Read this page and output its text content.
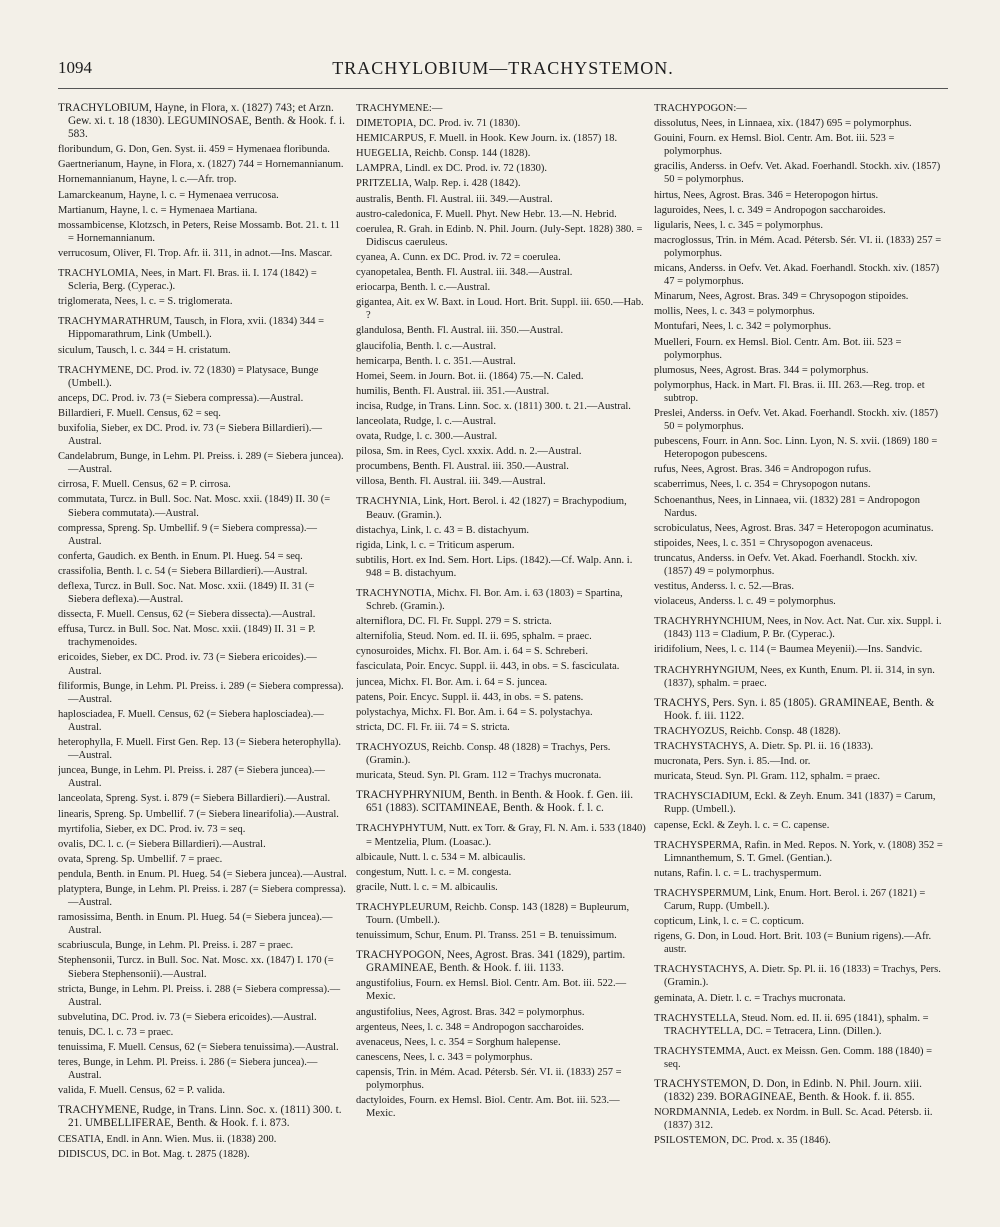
1094	TRACHYLOBIUM—TRACHYSTEMON.

TRACHYLOBIUM, Hayne, in Flora, x. (1827) 743; et Arzn. Gew. xi. t. 18 (1830). LEGUMINOSAE, Benth. & Hook. f. i. 583.

floribundum, G. Don, Gen. Syst. ii. 459 = Hymenaea floribunda.

Gaertnerianum, Hayne, in Flora, x. (1827) 744 = Hornemannianum.

Hornemannianum, Hayne, l. c.—Afr. trop.

Lamarckeanum, Hayne, l. c. = Hymenaea verrucosa.

Martianum, Hayne, l. c. = Hymenaea Martiana.

mossambicense, Klotzsch, in Peters, Reise Mossamb. Bot. 21. t. 11 = Hornemannianum.

verrucosum, Oliver, Fl. Trop. Afr. ii. 311, in adnot.—Ins. Mascar.

TRACHYLOMIA, Nees, in Mart. Fl. Bras. ii. I. 174 (1842) = Scleria, Berg. (Cyperac.).

triglomerata, Nees, l. c. = S. triglomerata.

TRACHYMARATHRUM, Tausch, in Flora, xvii. (1834) 344 = Hippomarathrum, Link (Umbell.).

siculum, Tausch, l. c. 344 = H. cristatum.

TRACHYMENE, DC. Prod. iv. 72 (1830) = Platysace, Bunge (Umbell.).

anceps, DC. Prod. iv. 73 (= Siebera compressa).—Austral.

Billardieri, F. Muell. Census, 62 = seq.

buxifolia, Sieber, ex DC. Prod. iv. 73 (= Siebera Billardieri).—Austral.

Candelabrum, Bunge, in Lehm. Pl. Preiss. i. 289 (= Siebera juncea).—Austral.

cirrosa, F. Muell. Census, 62 = P. cirrosa.

commutata, Turcz. in Bull. Soc. Nat. Mosc. xxii. (1849) II. 30 (= Siebera commutata).—Austral.

compressa, Spreng. Sp. Umbellif. 9 (= Siebera compressa).—Austral.

conferta, Gaudich. ex Benth. in Enum. Pl. Hueg. 54 = seq.

crassifolia, Benth. l. c. 54 (= Siebera Billardieri).—Austral.

deflexa, Turcz. in Bull. Soc. Nat. Mosc. xxii. (1849) II. 31 (= Siebera deflexa).—Austral.

dissecta, F. Muell. Census, 62 (= Siebera dissecta).—Austral.

effusa, Turcz. in Bull. Soc. Nat. Mosc. xxii. (1849) II. 31 = P. trachymenoides.

ericoides, Sieber, ex DC. Prod. iv. 73 (= Siebera ericoides).—Austral.

filiformis, Bunge, in Lehm. Pl. Preiss. i. 289 (= Siebera compressa).—Austral.

haplosciadea, F. Muell. Census, 62 (= Siebera haplosciadea).—Austral.

heterophylla, F. Muell. First Gen. Rep. 13 (= Siebera heterophylla).—Austral.

juncea, Bunge, in Lehm. Pl. Preiss. i. 287 (= Siebera juncea).—Austral.

lanceolata, Spreng. Syst. i. 879 (= Siebera Billardieri).—Austral.

linearis, Spreng. Sp. Umbellif. 7 (= Siebera linearifolia).—Austral.

myrtifolia, Sieber, ex DC. Prod. iv. 73 = seq.

ovalis, DC. l. c. (= Siebera Billardieri).—Austral.

ovata, Spreng. Sp. Umbellif. 7 = praec.

pendula, Benth. in Enum. Pl. Hueg. 54 (= Siebera juncea).—Austral.

platyptera, Bunge, in Lehm. Pl. Preiss. i. 287 (= Siebera compressa).—Austral.

ramosissima, Benth. in Enum. Pl. Hueg. 54 (= Siebera juncea).—Austral.

scabriuscula, Bunge, in Lehm. Pl. Preiss. i. 287 = praec.

Stephensonii, Turcz. in Bull. Soc. Nat. Mosc. xx. (1847) I. 170 (= Siebera Stephensonii).—Austral.

stricta, Bunge, in Lehm. Pl. Preiss. i. 288 (= Siebera compressa).—Austral.

subvelutina, DC. Prod. iv. 73 (= Siebera ericoides).—Austral.

tenuis, DC. l. c. 73 = praec.

tenuissima, F. Muell. Census, 62 (= Siebera tenuissima).—Austral.

teres, Bunge, in Lehm. Pl. Preiss. i. 286 (= Siebera juncea).—Austral.

valida, F. Muell. Census, 62 = P. valida.

TRACHYMENE, Rudge, in Trans. Linn. Soc. x. (1811) 300. t. 21. UMBELLIFERAE, Benth. & Hook. f. i. 873.

CESATIA, Endl. in Ann. Wien. Mus. ii. (1838) 200.

DIDISCUS, DC. in Bot. Mag. t. 2875 (1828).

TRACHYMENE:—

DIMETOPIA, DC. Prod. iv. 71 (1830).

HEMICARPUS, F. Muell. in Hook. Kew Journ. ix. (1857) 18.

HUEGELIA, Reichb. Consp. 144 (1828).

LAMPRA, Lindl. ex DC. Prod. iv. 72 (1830).

PRITZELIA, Walp. Rep. i. 428 (1842).

australis, Benth. Fl. Austral. iii. 349.—Austral.

austro-caledonica, F. Muell. Phyt. New Hebr. 13.—N. Hebrid.

coerulea, R. Grah. in Edinb. N. Phil. Journ. (July-Sept. 1828) 380. = Didiscus caeruleus.

cyanea, A. Cunn. ex DC. Prod. iv. 72 = coerulea.

cyanopetalea, Benth. Fl. Austral. iii. 348.—Austral.

eriocarpa, Benth. l. c.—Austral.

gigantea, Ait. ex W. Baxt. in Loud. Hort. Brit. Suppl. iii. 650.—Hab. ?

glandulosa, Benth. Fl. Austral. iii. 350.—Austral.

glaucifolia, Benth. l. c.—Austral.

hemicarpa, Benth. l. c. 351.—Austral.

Homei, Seem. in Journ. Bot. ii. (1864) 75.—N. Caled.

humilis, Benth. Fl. Austral. iii. 351.—Austral.

incisa, Rudge, in Trans. Linn. Soc. x. (1811) 300. t. 21.—Austral.

lanceolata, Rudge, l. c.—Austral.

ovata, Rudge, l. c. 300.—Austral.

pilosa, Sm. in Rees, Cycl. xxxix. Add. n. 2.—Austral.

procumbens, Benth. Fl. Austral. iii. 350.—Austral.

villosa, Benth. Fl. Austral. iii. 349.—Austral.

TRACHYNIA, Link, Hort. Berol. i. 42 (1827) = Brachypodium, Beauv. (Gramin.).

distachya, Link, l. c. 43 = B. distachyum.

rigida, Link, l. c. = Triticum asperum.

subtilis, Hort. ex Ind. Sem. Hort. Lips. (1842).—Cf. Walp. Ann. i. 948 = B. distachyum.

TRACHYNOTIA, Michx. Fl. Bor. Am. i. 63 (1803) = Spartina, Schreb. (Gramin.).

alterniflora, DC. Fl. Fr. Suppl. 279 = S. stricta.

alternifolia, Steud. Nom. ed. II. ii. 695, sphalm. = praec.

cynosuroides, Michx. Fl. Bor. Am. i. 64 = S. Schreberi.

fasciculata, Poir. Encyc. Suppl. ii. 443, in obs. = S. fasciculata.

juncea, Michx. Fl. Bor. Am. i. 64 = S. juncea.

patens, Poir. Encyc. Suppl. ii. 443, in obs. = S. patens.

polystachya, Michx. Fl. Bor. Am. i. 64 = S. polystachya.

stricta, DC. Fl. Fr. iii. 74 = S. stricta.

TRACHYOZUS, Reichb. Consp. 48 (1828) = Trachys, Pers. (Gramin.).

muricata, Steud. Syn. Pl. Gram. 112 = Trachys mucronata.

TRACHYPHRYNIUM, Benth. in Benth. & Hook. f. Gen. iii. 651 (1883). SCITAMINEAE, Benth. & Hook. f. l. c.

TRACHYPHYTUM, Nutt. ex Torr. & Gray, Fl. N. Am. i. 533 (1840) = Mentzelia, Plum. (Loasac.).

albicaule, Nutt. l. c. 534 = M. albicaulis.

congestum, Nutt. l. c. = M. congesta.

gracile, Nutt. l. c. = M. albicaulis.

TRACHYPLEURUM, Reichb. Consp. 143 (1828) = Bupleurum, Tourn. (Umbell.).

tenuissimum, Schur, Enum. Pl. Transs. 251 = B. tenuissimum.

TRACHYPOGON, Nees, Agrost. Bras. 341 (1829), partim. GRAMINEAE, Benth. & Hook. f. iii. 1133.

angustifolius, Fourn. ex Hemsl. Biol. Centr. Am. Bot. iii. 522.—Mexic.

angustifolius, Nees, Agrost. Bras. 342 = polymorphus.

argenteus, Nees, l. c. 348 = Andropogon saccharoides.

avenaceus, Nees, l. c. 354 = Sorghum halepense.

canescens, Nees, l. c. 343 = polymorphus.

capensis, Trin. in Mém. Acad. Pétersb. Sér. VI. ii. (1833) 257 = polymorphus.

dactyloides, Fourn. ex Hemsl. Biol. Centr. Am. Bot. iii. 523.—Mexic.

TRACHYPOGON:—

dissolutus, Nees, in Linnaea, xix. (1847) 695 = polymorphus.

Gouini, Fourn. ex Hemsl. Biol. Centr. Am. Bot. iii. 523 = polymorphus.

gracilis, Anderss. in Oefv. Vet. Akad. Foerhandl. Stockh. xiv. (1857) 50 = polymorphus.

hirtus, Nees, Agrost. Bras. 346 = Heteropogon hirtus.

laguroides, Nees, l. c. 349 = Andropogon saccharoides.

ligularis, Nees, l. c. 345 = polymorphus.

macroglossus, Trin. in Mém. Acad. Pétersb. Sér. VI. ii. (1833) 257 = polymorphus.

micans, Anderss. in Oefv. Vet. Akad. Foerhandl. Stockh. xiv. (1857) 47 = polymorphus.

Minarum, Nees, Agrost. Bras. 349 = Chrysopogon stipoides.

mollis, Nees, l. c. 343 = polymorphus.

Montufari, Nees, l. c. 342 = polymorphus.

Muelleri, Fourn. ex Hemsl. Biol. Centr. Am. Bot. iii. 523 = polymorphus.

plumosus, Nees, Agrost. Bras. 344 = polymorphus.

polymorphus, Hack. in Mart. Fl. Bras. ii. III. 263.—Reg. trop. et subtrop.

Preslei, Anderss. in Oefv. Vet. Akad. Foerhandl. Stockh. xiv. (1857) 50 = polymorphus.

pubescens, Fourr. in Ann. Soc. Linn. Lyon, N. S. xvii. (1869) 180 = Heteropogon pubescens.

rufus, Nees, Agrost. Bras. 346 = Andropogon rufus.

scaberrimus, Nees, l. c. 354 = Chrysopogon nutans.

Schoenanthus, Nees, in Linnaea, vii. (1832) 281 = Andropogon Nardus.

scrobiculatus, Nees, Agrost. Bras. 347 = Heteropogon acuminatus.

stipoides, Nees, l. c. 351 = Chrysopogon avenaceus.

truncatus, Anderss. in Oefv. Vet. Akad. Foerhandl. Stockh. xiv. (1857) 49 = polymorphus.

vestitus, Anderss. l. c. 52.—Bras.

violaceus, Anderss. l. c. 49 = polymorphus.

TRACHYRHYNCHIUM, Nees, in Nov. Act. Nat. Cur. xix. Suppl. i. (1843) 113 = Cladium, P. Br. (Cyperac.).

iridifolium, Nees, l. c. 114 (= Baumea Meyenii).—Ins. Sandvic.

TRACHYRHYNGIUM, Nees, ex Kunth, Enum. Pl. ii. 314, in syn. (1837), sphalm. = praec.

TRACHYS, Pers. Syn. i. 85 (1805). GRAMINEAE, Benth. & Hook. f. iii. 1122.

TRACHYOZUS, Reichb. Consp. 48 (1828).

TRACHYSTACHYS, A. Dietr. Sp. Pl. ii. 16 (1833).

mucronata, Pers. Syn. i. 85.—Ind. or.

muricata, Steud. Syn. Pl. Gram. 112, sphalm. = praec.

TRACHYSCIADIUM, Eckl. & Zeyh. Enum. 341 (1837) = Carum, Rupp. (Umbell.).

capense, Eckl. & Zeyh. l. c. = C. capense.

TRACHYSPERMA, Rafin. in Med. Repos. N. York, v. (1808) 352 = Limnanthemum, S. T. Gmel. (Gentian.).

nutans, Rafin. l. c. = L. trachyspermum.

TRACHYSPERMUM, Link, Enum. Hort. Berol. i. 267 (1821) = Carum, Rupp. (Umbell.).

copticum, Link, l. c. = C. copticum.

rigens, G. Don, in Loud. Hort. Brit. 103 (= Bunium rigens).—Afr. austr.

TRACHYSTACHYS, A. Dietr. Sp. Pl. ii. 16 (1833) = Trachys, Pers. (Gramin.).

geminata, A. Dietr. l. c. = Trachys mucronata.

TRACHYSTELLA, Steud. Nom. ed. II. ii. 695 (1841), sphalm. = TRACHYTELLA, DC. = Tetracera, Linn. (Dillen.).

TRACHYSTEMMA, Auct. ex Meissn. Gen. Comm. 188 (1840) = seq.

TRACHYSTEMON, D. Don, in Edinb. N. Phil. Journ. xiii. (1832) 239. BORAGINEAE, Benth. & Hook. f. ii. 855.

NORDMANNIA, Ledeb. ex Nordm. in Bull. Sc. Acad. Pétersb. ii. (1837) 312.

PSILOSTEMON, DC. Prod. x. 35 (1846).
